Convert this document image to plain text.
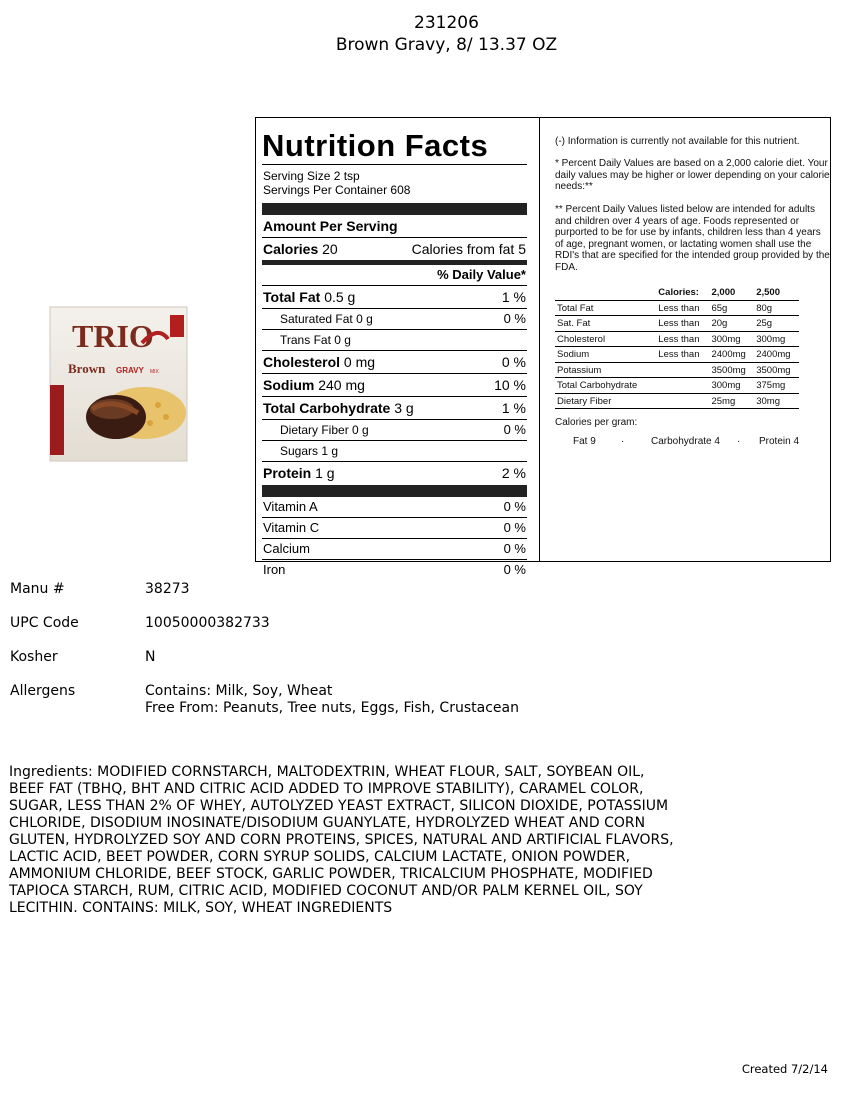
231206
Brown Gravy, 8/ 13.37 OZ
TRIO
Brown GRAVY MIX
Nutrition Facts
Serving Size 2 tsp
Servings Per Container 608
Amount Per Serving
Calories 20	Calories from fat 5
% Daily Value*
Total Fat 0.5 g	1 %
Saturated Fat 0 g	0 %
Trans Fat 0 g
Cholesterol 0 mg	0 %
Sodium 240 mg	10 %
Total Carbohydrate 3 g	1 %
Dietary Fiber 0 g	0 %
Sugars 1 g
Protein 1 g	2 %
Vitamin A	0 %
Vitamin C	0 %
Calcium	0 %
Iron	0 %

(-) Information is currently not available for this nutrient.

* Percent Daily Values are based on a 2,000 calorie diet. Your daily values may be higher or lower depending on your calorie needs:**

** Percent Daily Values listed below are intended for adults and children over 4 years of age. Foods represented or purported to be for use by infants, children less than 4 years of age, pregnant women, or lactating women shall use the RDI's that are specified for the intended group provided by the FDA.

	Calories:	2,000	2,500
Total Fat	Less than	65g	80g
Sat. Fat	Less than	20g	25g
Cholesterol	Less than	300mg	300mg
Sodium	Less than	2400mg	2400mg
Potassium		3500mg	3500mg
Total Carbohydrate		300mg	375mg
Dietary Fiber		25mg	30mg
Calories per gram:
Fat 9	·	Carbohydrate 4	·	Protein 4
Manu #	38273
UPC Code	10050000382733
Kosher	N
Allergens	Contains: Milk, Soy, Wheat
Free From: Peanuts, Tree nuts, Eggs, Fish, Crustacean
Ingredients: MODIFIED CORNSTARCH, MALTODEXTRIN, WHEAT FLOUR, SALT, SOYBEAN OIL, BEEF FAT (TBHQ, BHT AND CITRIC ACID ADDED TO IMPROVE STABILITY), CARAMEL COLOR, SUGAR, LESS THAN 2% OF WHEY, AUTOLYZED YEAST EXTRACT, SILICON DIOXIDE, POTASSIUM CHLORIDE, DISODIUM INOSINATE/DISODIUM GUANYLATE, HYDROLYZED WHEAT AND CORN GLUTEN, HYDROLYZED SOY AND CORN PROTEINS, SPICES, NATURAL AND ARTIFICIAL FLAVORS, LACTIC ACID, BEET POWDER, CORN SYRUP SOLIDS, CALCIUM LACTATE, ONION POWDER, AMMONIUM CHLORIDE, BEEF STOCK, GARLIC POWDER, TRICALCIUM PHOSPHATE, MODIFIED TAPIOCA STARCH, RUM, CITRIC ACID, MODIFIED COCONUT AND/OR PALM KERNEL OIL, SOY LECITHIN. CONTAINS: MILK, SOY, WHEAT INGREDIENTS
Created 7/2/14
